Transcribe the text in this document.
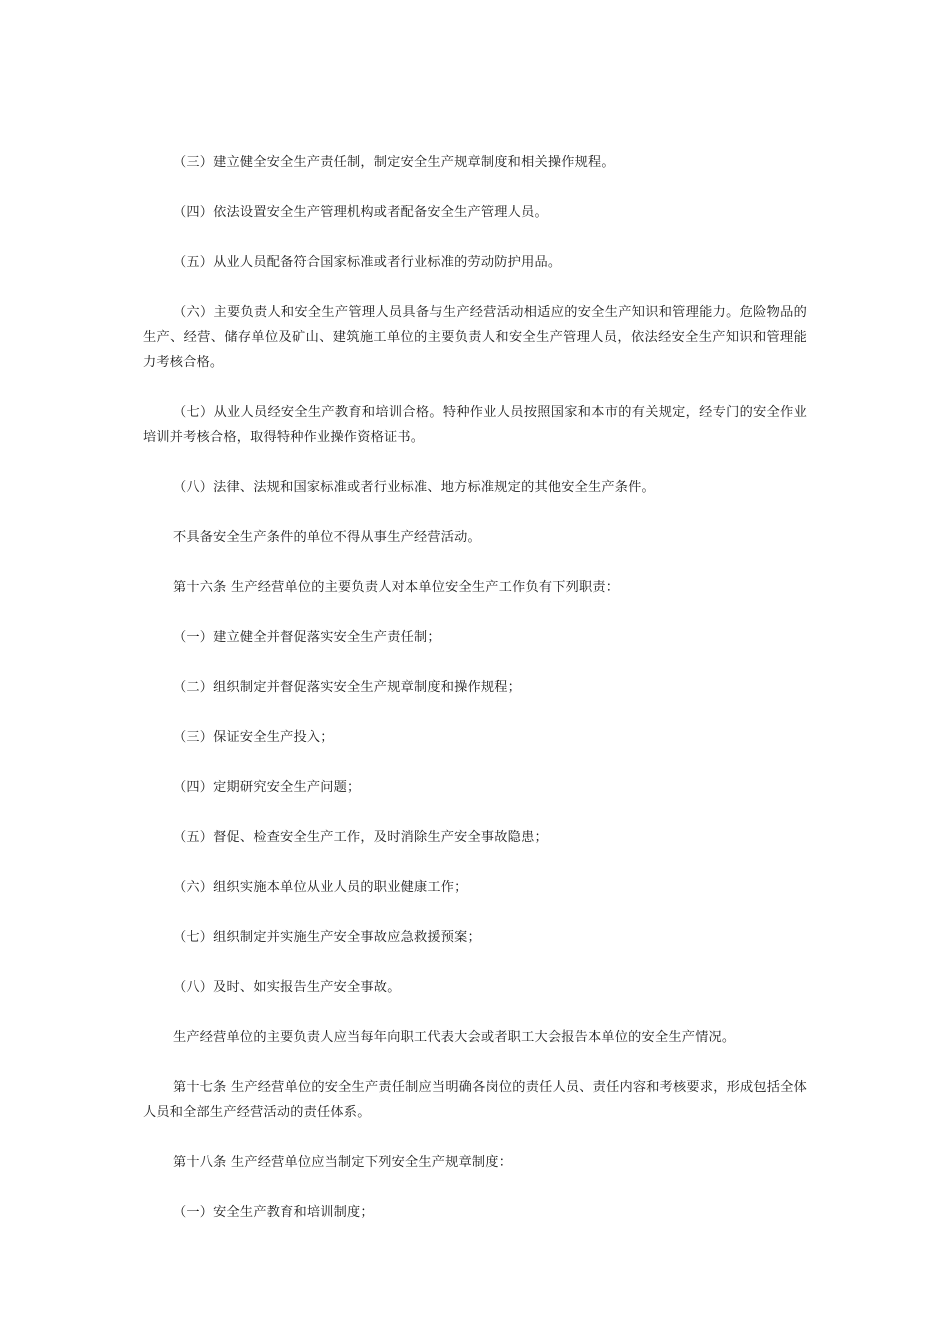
（三）建立健全安全生产责任制，制定安全生产规章制度和相关操作规程。

（四）依法设置安全生产管理机构或者配备安全生产管理人员。

（五）从业人员配备符合国家标准或者行业标准的劳动防护用品。

（六）主要负责人和安全生产管理人员具备与生产经营活动相适应的安全生产知识和管理能力。危险物品的生产、经营、储存单位及矿山、建筑施工单位的主要负责人和安全生产管理人员，依法经安全生产知识和管理能力考核合格。

（七）从业人员经安全生产教育和培训合格。特种作业人员按照国家和本市的有关规定，经专门的安全作业培训并考核合格，取得特种作业操作资格证书。

（八）法律、法规和国家标准或者行业标准、地方标准规定的其他安全生产条件。

不具备安全生产条件的单位不得从事生产经营活动。

第十六条 生产经营单位的主要负责人对本单位安全生产工作负有下列职责：

（一）建立健全并督促落实安全生产责任制；

（二）组织制定并督促落实安全生产规章制度和操作规程；

（三）保证安全生产投入；

（四）定期研究安全生产问题；

（五）督促、检查安全生产工作，及时消除生产安全事故隐患；

（六）组织实施本单位从业人员的职业健康工作；

（七）组织制定并实施生产安全事故应急救援预案；

（八）及时、如实报告生产安全事故。

生产经营单位的主要负责人应当每年向职工代表大会或者职工大会报告本单位的安全生产情况。

第十七条 生产经营单位的安全生产责任制应当明确各岗位的责任人员、责任内容和考核要求，形成包括全体人员和全部生产经营活动的责任体系。

第十八条 生产经营单位应当制定下列安全生产规章制度：

（一）安全生产教育和培训制度；
